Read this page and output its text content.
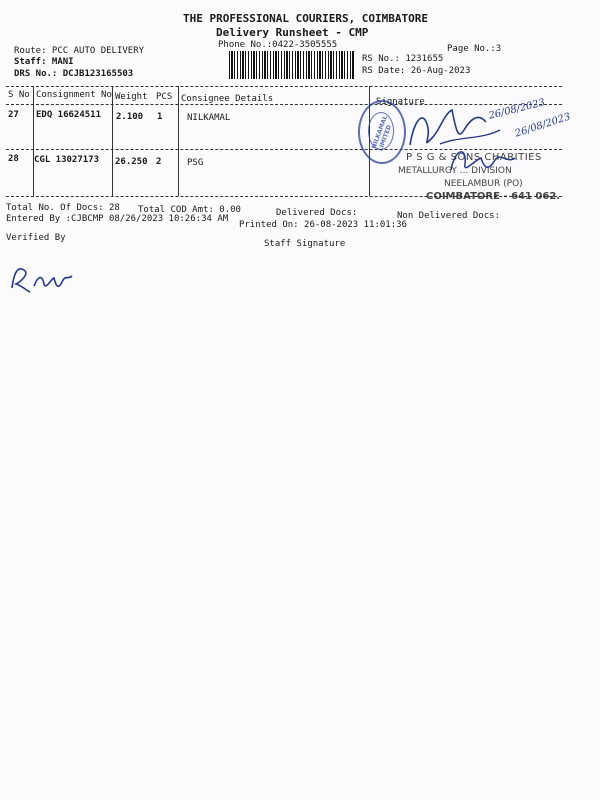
THE PROFESSIONAL COURIERS, COIMBATORE
Delivery Runsheet - CMP
Phone No.:0422-3505555	Page No.:3
Route: PCC AUTO DELIVERY
Staff: MANI
DRS No.: DCJB123165503
RS No.: 1231655
RS Date: 26-Aug-2023
S No Consignment No Weight PCS Consignee Details	Signature
27 EDQ 16624511 2.100 1	NILKAMAL
28 CGL 13027173 26.250 2	PSG
NILKAMAL LIMITED
P S G & SONS CHARITIES
METALLURGY ... DIVISION
NEELAMBUR (PO)
COIMBATORE - 641 062.
26/08/2023
26/08/2023
Total No. Of Docs: 28 Total COD Amt: 0.00	Delivered Docs:	Non Delivered Docs:
Entered By :CJBCMP 08/26/2023 10:26:34 AM
Printed On: 26-08-2023 11:01:36
Verified By
Staff Signature
